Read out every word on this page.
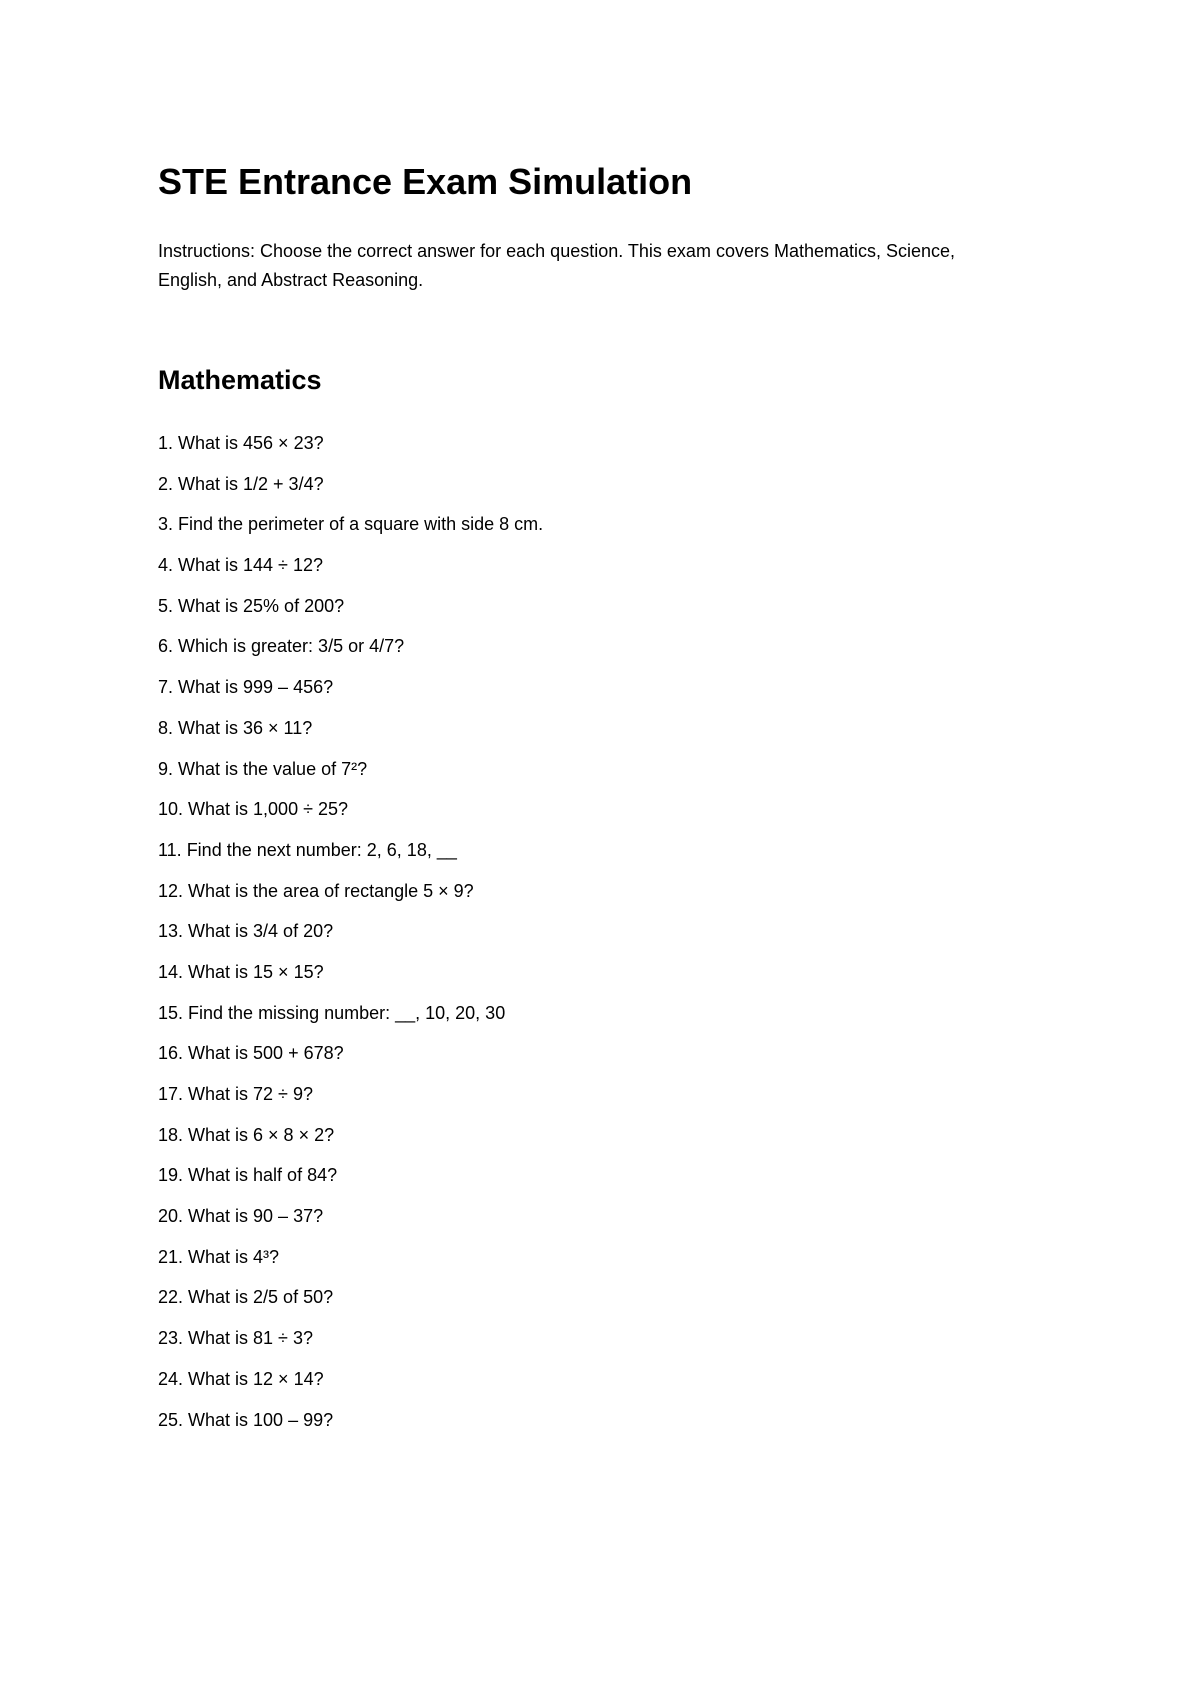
STE Entrance Exam Simulation

Instructions: Choose the correct answer for each question. This exam covers Mathematics, Science, English, and Abstract Reasoning.

Mathematics
1. What is 456 × 23?
2. What is 1/2 + 3/4?
3. Find the perimeter of a square with side 8 cm.
4. What is 144 ÷ 12?
5. What is 25% of 200?
6. Which is greater: 3/5 or 4/7?
7. What is 999 – 456?
8. What is 36 × 11?
9. What is the value of 7²?
10. What is 1,000 ÷ 25?
11. Find the next number: 2, 6, 18, __
12. What is the area of rectangle 5 × 9?
13. What is 3/4 of 20?
14. What is 15 × 15?
15. Find the missing number: __, 10, 20, 30
16. What is 500 + 678?
17. What is 72 ÷ 9?
18. What is 6 × 8 × 2?
19. What is half of 84?
20. What is 90 – 37?
21. What is 4³?
22. What is 2/5 of 50?
23. What is 81 ÷ 3?
24. What is 12 × 14?
25. What is 100 – 99?
